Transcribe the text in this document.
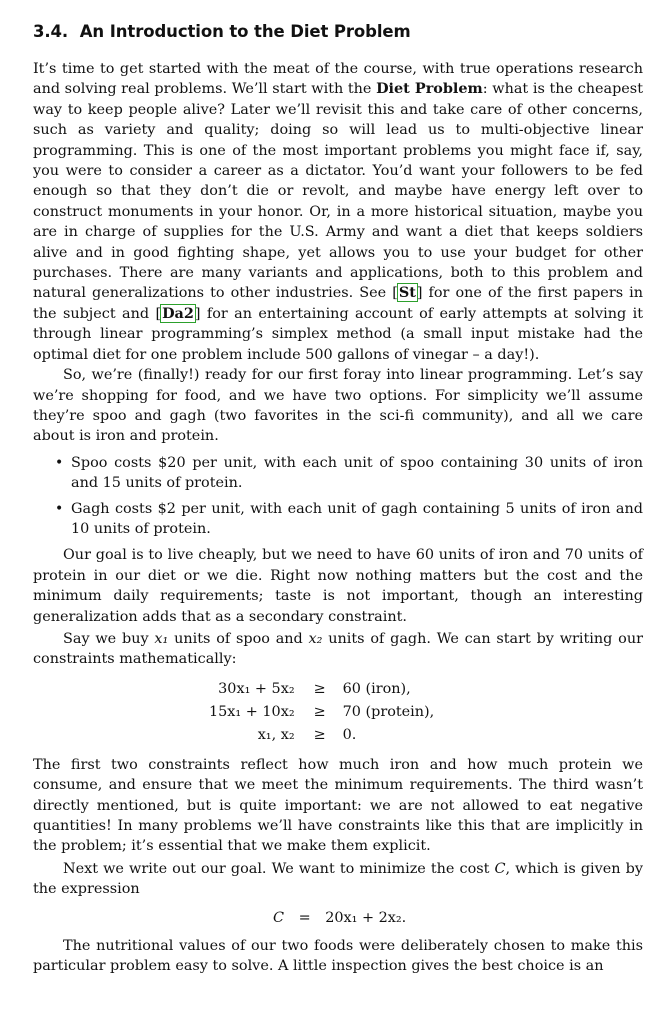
3.4. An Introduction to the Diet Problem

It’s time to get started with the meat of the course, with true operations research and solving real problems. We’ll start with the Diet Problem: what is the cheapest way to keep people alive? Later we’ll revisit this and take care of other concerns, such as variety and quality; doing so will lead us to multi-objective linear programming. This is one of the most important problems you might face if, say, you were to consider a career as a dictator. You’d want your followers to be fed enough so that they don’t die or revolt, and maybe have energy left over to construct monuments in your honor. Or, in a more historical situation, maybe you are in charge of supplies for the U.S. Army and want a diet that keeps soldiers alive and in good fighting shape, yet allows you to use your budget for other purchases. There are many variants and applications, both to this problem and natural generalizations to other industries. See [St] for one of the first papers in the subject and [Da2] for an entertaining account of early attempts at solving it through linear programming’s simplex method (a small input mistake had the optimal diet for one problem include 500 gallons of vinegar – a day!).

So, we’re (finally!) ready for our first foray into linear programming. Let’s say we’re shopping for food, and we have two options. For simplicity we’ll assume they’re spoo and gagh (two favorites in the sci-fi community), and all we care about is iron and protein.

• Spoo costs $20 per unit, with each unit of spoo containing 30 units of iron and 15 units of protein.
• Gagh costs $2 per unit, with each unit of gagh containing 5 units of iron and 10 units of protein.

Our goal is to live cheaply, but we need to have 60 units of iron and 70 units of protein in our diet or we die. Right now nothing matters but the cost and the minimum daily requirements; taste is not important, though an interesting generalization adds that as a secondary constraint.

Say we buy x₁ units of spoo and x₂ units of gagh. We can start by writing our constraints mathematically:

30x₁ + 5x₂	≥	60 (iron),
15x₁ + 10x₂	≥	70 (protein),
x₁, x₂	≥	0.

The first two constraints reflect how much iron and how much protein we consume, and ensure that we meet the minimum requirements. The third wasn’t directly mentioned, but is quite important: we are not allowed to eat negative quantities! In many problems we’ll have constraints like this that are implicitly in the problem; it’s essential that we make them explicit.

Next we write out our goal. We want to minimize the cost C, which is given by the expression

C = 20x₁ + 2x₂.

The nutritional values of our two foods were deliberately chosen to make this particular problem easy to solve. A little inspection gives the best choice is an
